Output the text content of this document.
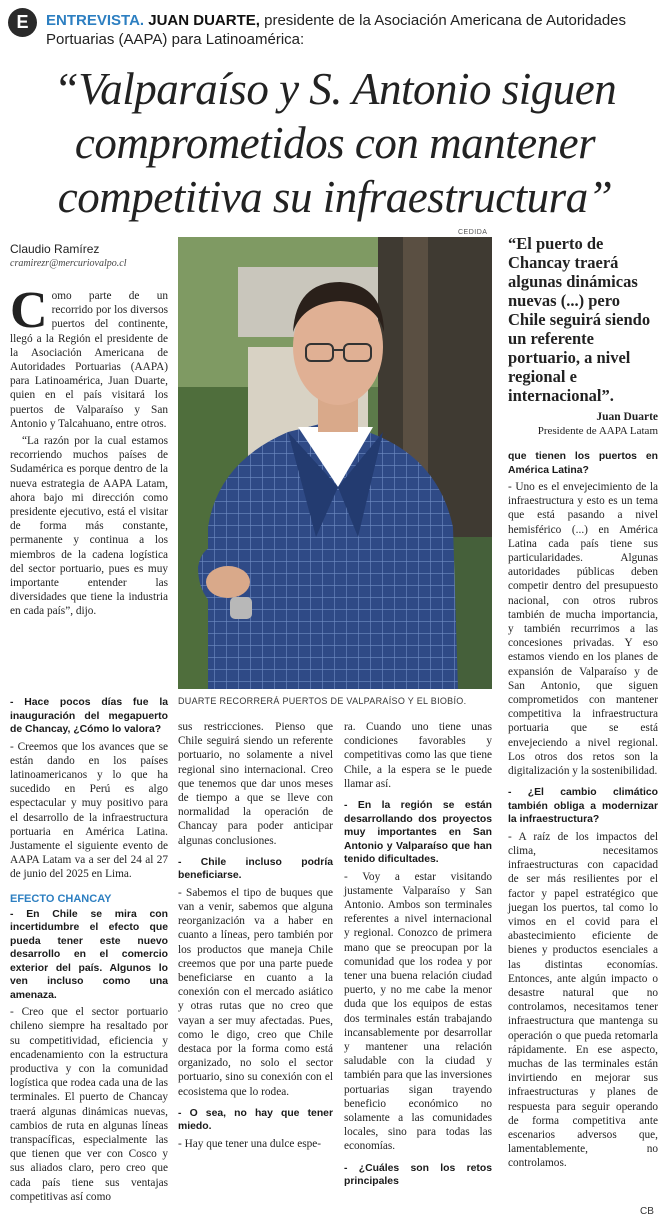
E	ENTREVISTA. JUAN DUARTE, presidente de la Asociación Americana de Autoridades Portuarias (AAPA) para Latinoamérica:
“Valparaíso y S. Antonio siguen
comprometidos con mantener
competitiva su infraestructura”
CEDIDA
Claudio Ramírez
cramirezr@mercuriovalpo.cl
DUARTE RECORRERÁ PUERTOS DE VALPARAÍSO Y EL BIOBÍO.
“El puerto de Chancay traerá algunas dinámicas nuevas (...) pero Chile seguirá siendo un referente portuario, a nivel regional e internacional”.
Juan Duarte
Presidente de AAPA Latam

Como parte de un recorrido por los diversos puertos del continente, llegó a la Región el presidente de la Asociación Americana de Autoridades Portuarias (AAPA) para Latinoamérica, Juan Duarte, quien en el país visitará los puertos de Valparaíso y San Antonio y Talcahuano, entre otros.

“La razón por la cual estamos recorriendo muchos países de Sudamérica es porque dentro de la nueva estrategia de AAPA Latam, ahora bajo mi dirección como presidente ejecutivo, está el visitar de forma más constante, permanente y continua a los miembros de la cadena logística del sector portuario, pues es muy importante entender las diversidades que tiene la industria en cada país”, dijo.

- Hace pocos días fue la inauguración del megapuerto de Chancay, ¿Cómo lo valora?

- Creemos que los avances que se están dando en los países latinoamericanos y lo que ha sucedido en Perú es algo espectacular y muy positivo para el desarrollo de la infraestructura portuaria en América Latina. Justamente el siguiente evento de AAPA Latam va a ser del 24 al 27 de junio del 2025 en Lima.

EFECTO CHANCAY

- En Chile se mira con incertidumbre el efecto que pueda tener este nuevo desarrollo en el comercio exterior del país. Algunos lo ven incluso como una amenaza.

- Creo que el sector portuario chileno siempre ha resaltado por su competitividad, eficiencia y encadenamiento con la estructura productiva y con la comunidad logística que rodea cada una de las terminales. El puerto de Chancay traerá algunas dinámicas nuevas, cambios de ruta en algunas líneas transpacíficas, especialmente las que tienen que ver con Cosco y sus aliados claro, pero creo que cada país tiene sus ventajas competitivas así como

sus restricciones. Pienso que Chile seguirá siendo un referente portuario, no solamente a nivel regional sino internacional. Creo que tenemos que dar unos meses de tiempo a que se lleve con normalidad la operación de Chancay para poder anticipar algunas conclusiones.

- Chile incluso podría beneficiarse.

- Sabemos el tipo de buques que van a venir, sabemos que alguna reorganización va a haber en cuanto a líneas, pero también por los productos que maneja Chile creemos que por una parte puede beneficiarse en cuanto a la conexión con el mercado asiático y otras rutas que no creo que vayan a ser muy afectadas. Pues, como le digo, creo que Chile destaca por la forma como está organizado, no solo el sector portuario, sino su conexión con el ecosistema que lo rodea.

- O sea, no hay que tener miedo.

- Hay que tener una dulce espe-

ra. Cuando uno tiene unas condiciones favorables y competitivas como las que tiene Chile, a la espera se le puede llamar así.

- En la región se están desarrollando dos proyectos muy importantes en San Antonio y Valparaíso que han tenido dificultades.

- Voy a estar visitando justamente Valparaíso y San Antonio. Ambos son terminales referentes a nivel internacional y regional. Conozco de primera mano que se preocupan por la comunidad que los rodea y por tener una buena relación ciudad puerto, y no me cabe la menor duda que los equipos de estas dos terminales están trabajando incansablemente por desarrollar y mantener una relación saludable con la ciudad y también para que las inversiones portuarias sigan trayendo beneficio económico no solamente a las comunidades locales, sino para todas las economías.

- ¿Cuáles son los retos principales

que tienen los puertos en América Latina?

- Uno es el envejecimiento de la infraestructura y esto es un tema que está pasando a nivel hemisférico (...) en América Latina cada país tiene sus particularidades. Algunas autoridades públicas deben competir dentro del presupuesto nacional, con otros rubros también de mucha importancia, y también recurrimos a las concesiones privadas. Y eso estamos viendo en los planes de expansión de Valparaíso y de San Antonio, que siguen comprometidos con mantener competitiva la infraestructura portuaria que se está envejeciendo a nivel regional. Los otros dos retos son la digitalización y la sostenibilidad.

- ¿El cambio climático también obliga a modernizar la infraestructura?

- A raíz de los impactos del clima, necesitamos infraestructuras con capacidad de ser más resilientes por el factor y papel estratégico que juegan los puertos, tal como lo vimos en el covid para el abastecimiento eficiente de bienes y productos esenciales a las distintas economías. Entonces, ante algún impacto o desastre natural que no controlamos, necesitamos tener infraestructura que mantenga su operación o que pueda retomarla rápidamente. En ese aspecto, muchas de las terminales están invirtiendo en mejorar sus infraestructuras y planes de respuesta para seguir operando de forma competitiva ante escenarios adversos que, lamentablemente, no controlamos.

CB
